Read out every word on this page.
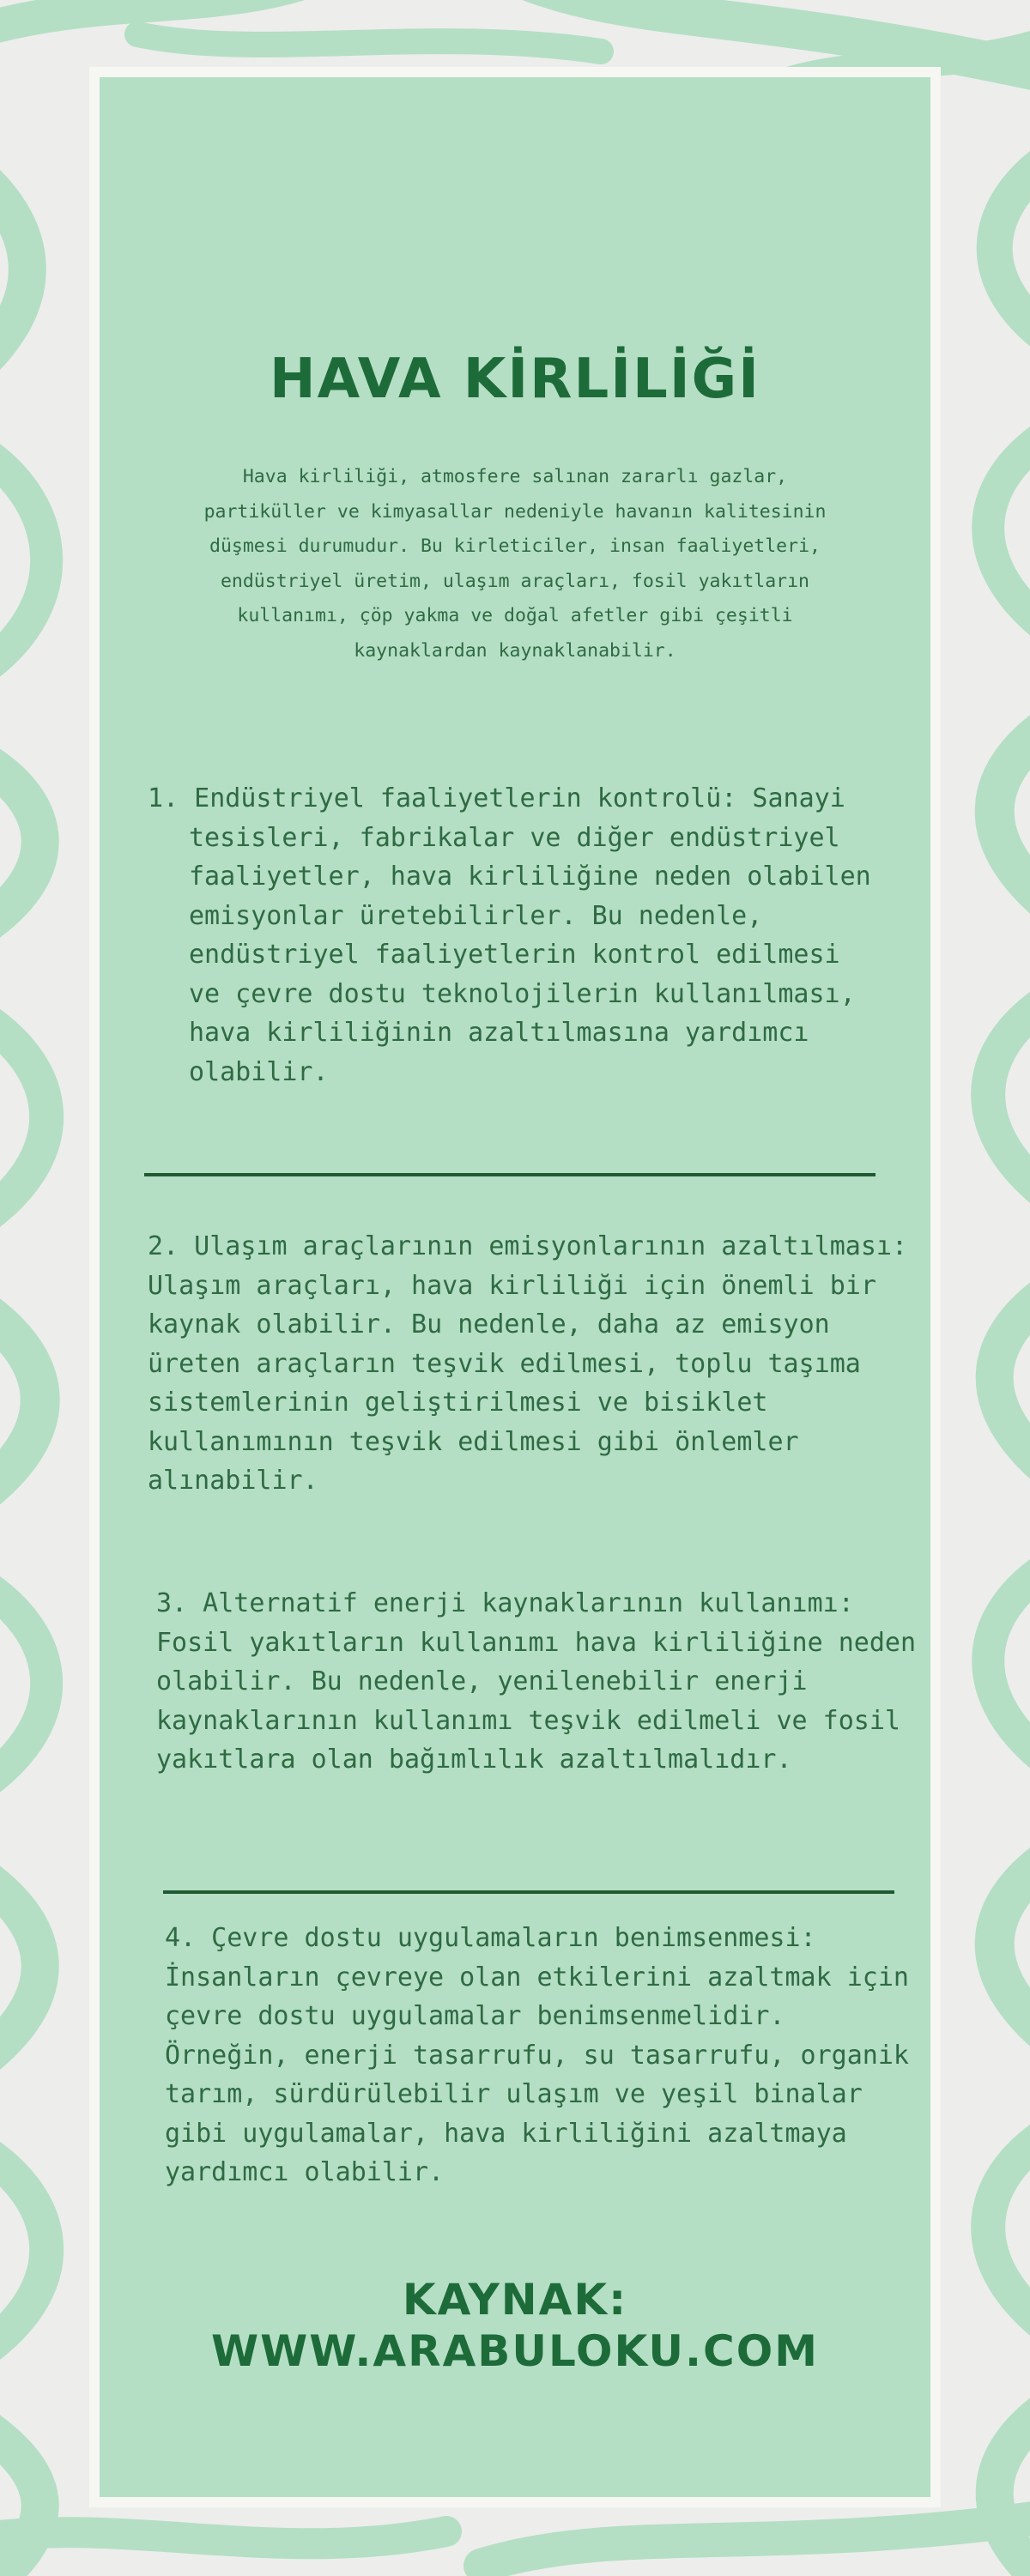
HAVA KİRLİLİĞİ

Hava kirliliği, atmosfere salınan zararlı gazlar, partiküller ve kimyasallar nedeniyle havanın kalitesinin düşmesi durumudur. Bu kirleticiler, insan faaliyetleri, endüstriyel üretim, ulaşım araçları, fosil yakıtların kullanımı, çöp yakma ve doğal afetler gibi çeşitli kaynaklardan kaynaklanabilir.

1. Endüstriyel faaliyetlerin kontrolü: Sanayi tesisleri, fabrikalar ve diğer endüstriyel faaliyetler, hava kirliliğine neden olabilen emisyonlar üretebilirler. Bu nedenle, endüstriyel faaliyetlerin kontrol edilmesi ve çevre dostu teknolojilerin kullanılması, hava kirliliğinin azaltılmasına yardımcı olabilir.

2. Ulaşım araçlarının emisyonlarının azaltılması: Ulaşım araçları, hava kirliliği için önemli bir kaynak olabilir. Bu nedenle, daha az emisyon üreten araçların teşvik edilmesi, toplu taşıma sistemlerinin geliştirilmesi ve bisiklet kullanımının teşvik edilmesi gibi önlemler alınabilir.

3. Alternatif enerji kaynaklarının kullanımı: Fosil yakıtların kullanımı hava kirliliğine neden olabilir. Bu nedenle, yenilenebilir enerji kaynaklarının kullanımı teşvik edilmeli ve fosil yakıtlara olan bağımlılık azaltılmalıdır.

4. Çevre dostu uygulamaların benimsenmesi: İnsanların çevreye olan etkilerini azaltmak için çevre dostu uygulamalar benimsenmelidir. Örneğin, enerji tasarrufu, su tasarrufu, organik tarım, sürdürülebilir ulaşım ve yeşil binalar gibi uygulamalar, hava kirliliğini azaltmaya yardımcı olabilir.

KAYNAK:
WWW.ARABULOKU.COM
